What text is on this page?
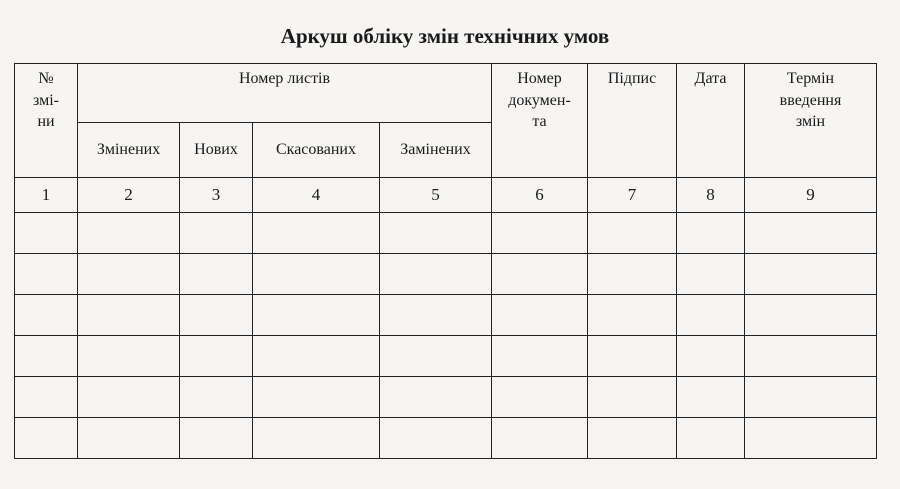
Аркуш обліку змін технічних умов
№
змі-
ни	Номер листів				Номер
докумен-
та	Підпис	Дата	Термін
введення
змін

	Змінених	Нових	Скасованих	Замінених				
1	2	3	4	5	6	7	8	9
